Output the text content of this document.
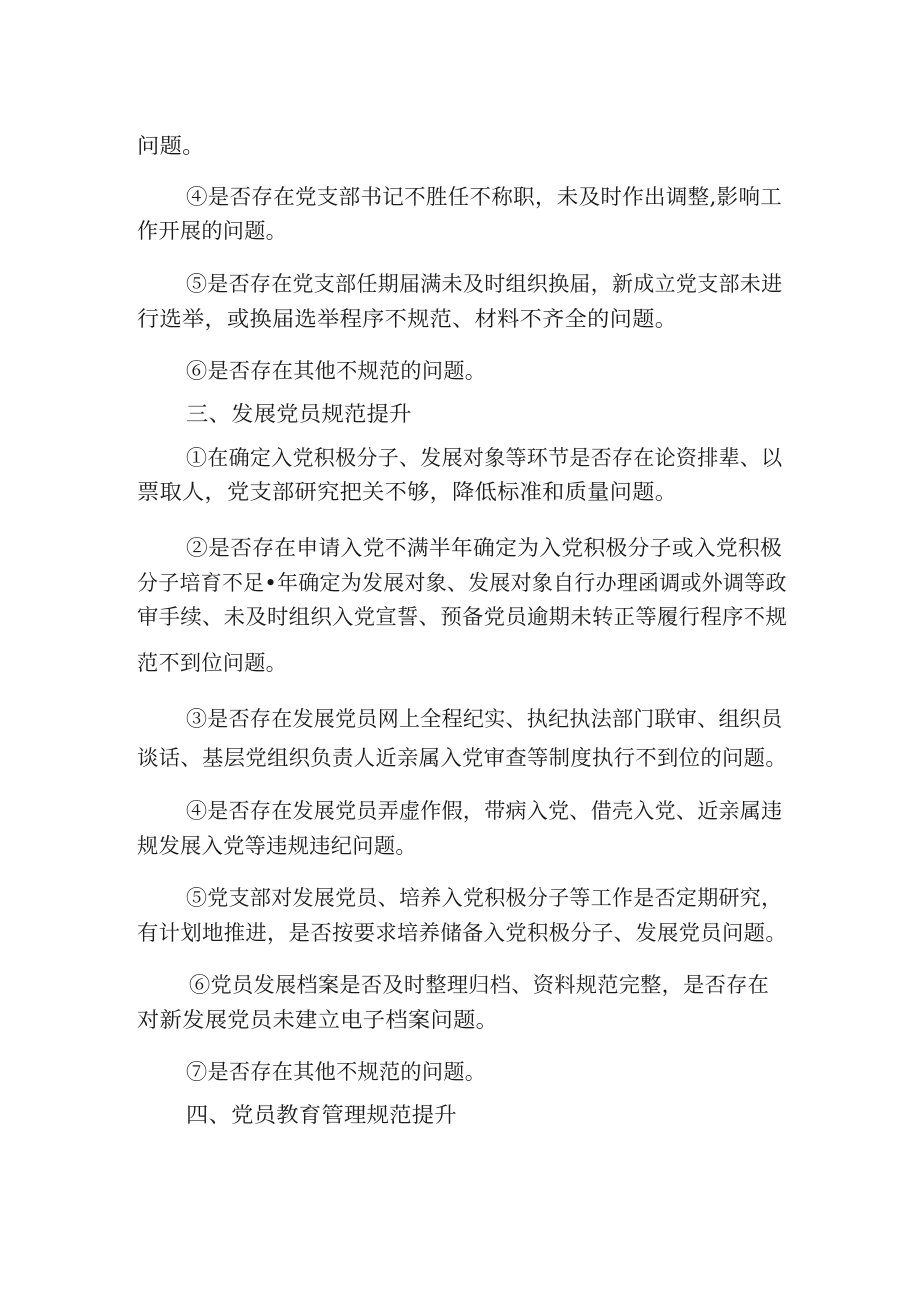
问题。
④是否存在党支部书记不胜任不称职，未及时作出调整,影响工
作开展的问题。
⑤是否存在党支部任期届满未及时组织换届，新成立党支部未进
行选举，或换届选举程序不规范、材料不齐全的问题。
⑥是否存在其他不规范的问题。
三、发展党员规范提升
①在确定入党积极分子、发展对象等环节是否存在论资排辈、以
票取人，党支部研究把关不够，降低标准和质量问题。
②是否存在申请入党不满半年确定为入党积极分子或入党积极
分子培育不足•年确定为发展对象、发展对象自行办理函调或外调等政
审手续、未及时组织入党宣誓、预备党员逾期未转正等履行程序不规
范不到位问题。
③是否存在发展党员网上全程纪实、执纪执法部门联审、组织员
谈话、基层党组织负责人近亲属入党审查等制度执行不到位的问题。
④是否存在发展党员弄虚作假，带病入党、借壳入党、近亲属违
规发展入党等违规违纪问题。
⑤党支部对发展党员、培养入党积极分子等工作是否定期研究，
有计划地推进，是否按要求培养储备入党积极分子、发展党员问题。
⑥党员发展档案是否及时整理归档、资料规范完整，是否存在
对新发展党员未建立电子档案问题。
⑦是否存在其他不规范的问题。
四、党员教育管理规范提升
